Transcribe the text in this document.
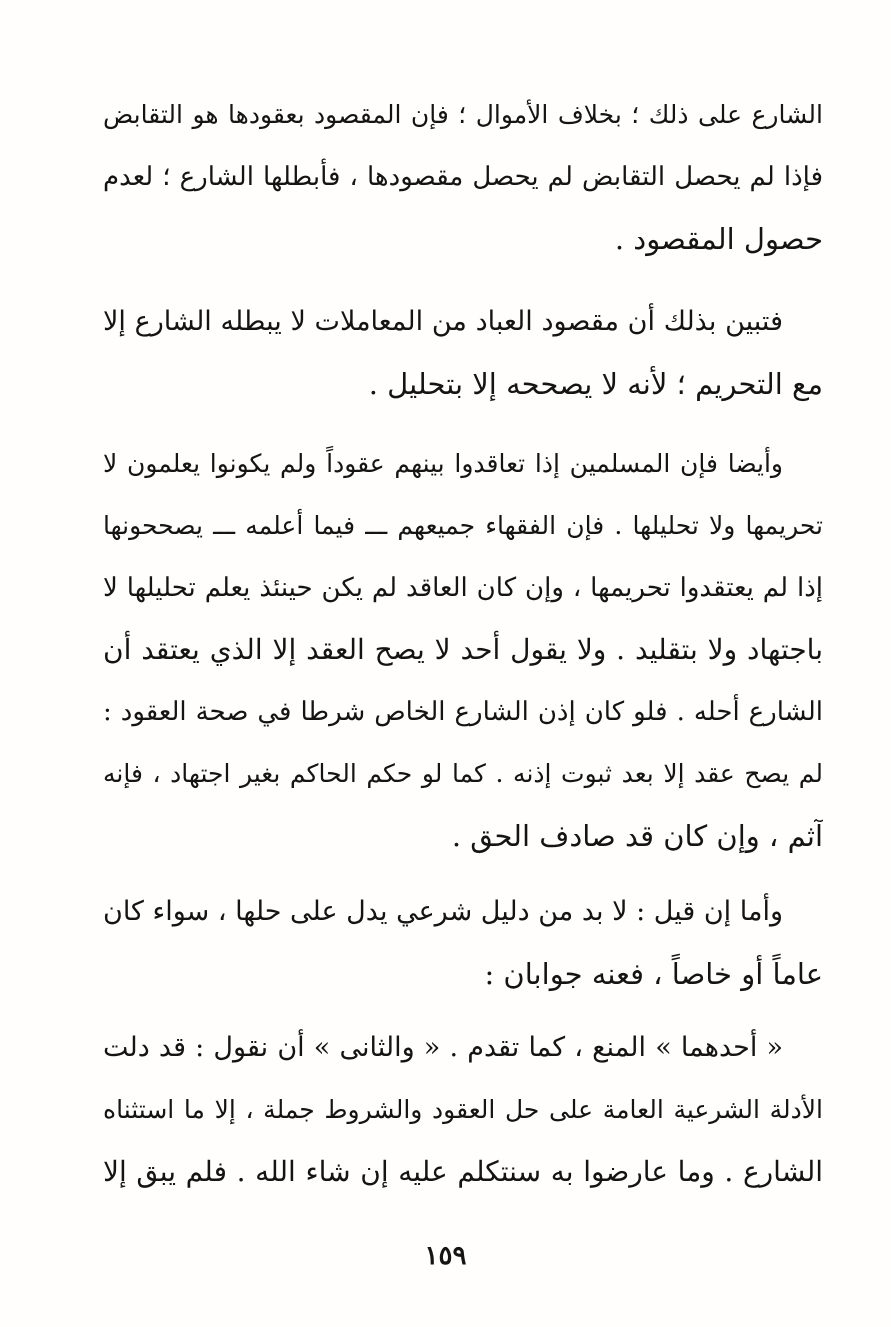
الشارع على ذلك ؛ بخلاف الأموال ؛ فإن المقصود بعقودها هو التقابض
فإذا لم يحصل التقابض لم يحصل مقصودها ، فأبطلها الشارع ؛ لعدم
حصول المقصود .
فتبين بذلك أن مقصود العباد من المعاملات لا يبطله الشارع إلا
مع التحريم ؛ لأنه لا يصححه إلا بتحليل .
وأيضا فإن المسلمين إذا تعاقدوا بينهم عقوداً ولم يكونوا يعلمون لا
تحريمها ولا تحليلها . فإن الفقهاء جميعهم ـــ فيما أعلمه ـــ يصححونها
إذا لم يعتقدوا تحريمها ، وإن كان العاقد لم يكن حينئذ يعلم تحليلها لا
باجتهاد ولا بتقليد . ولا يقول أحد لا يصح العقد إلا الذي يعتقد أن
الشارع أحله . فلو كان إذن الشارع الخاص شرطا في صحة العقود :
لم يصح عقد إلا بعد ثبوت إذنه . كما لو حكم الحاكم بغير اجتهاد ، فإنه
آثم ، وإن كان قد صادف الحق .
وأما إن قيل : لا بد من دليل شرعي يدل على حلها ، سواء كان
عاماً أو خاصاً ، فعنه جوابان :
« أحدهما » المنع ، كما تقدم . « والثانى » أن نقول : قد دلت
الأدلة الشرعية العامة على حل العقود والشروط جملة ، إلا ما استثناه
الشارع . وما عارضوا به سنتكلم عليه إن شاء الله . فلم يبق إلا
١٥٩
